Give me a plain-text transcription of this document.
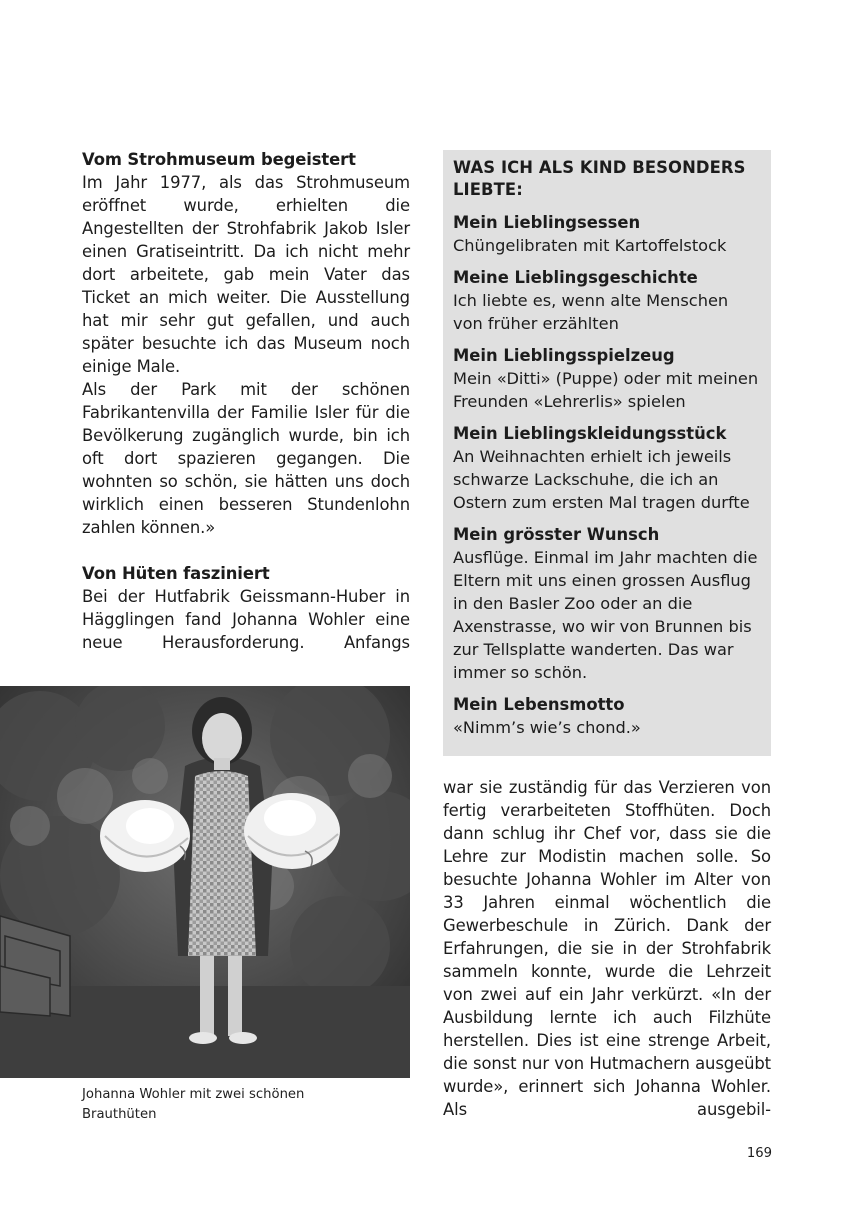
Vom Strohmuseum begeistert

Im Jahr 1977, als das Strohmuseum eröffnet wurde, erhielten die Angestellten der Strohfabrik Jakob Isler einen Gratiseintritt. Da ich nicht mehr dort arbeitete, gab mein Vater das Ticket an mich weiter. Die Ausstellung hat mir sehr gut gefallen, und auch später besuchte ich das Museum noch einige Male.

Als der Park mit der schönen Fabrikantenvilla der Familie Isler für die Bevölkerung zugänglich wurde, bin ich oft dort spazieren gegangen. Die wohnten so schön, sie hätten uns doch wirklich einen besseren Stundenlohn zahlen können.»

Von Hüten fasziniert

Bei der Hutfabrik Geissmann-Huber in Hägglingen fand Johanna Wohler eine neue Herausforderung. Anfangs

WAS ICH ALS KIND BESONDERS LIEBTE:
Mein Lieblingsessen

Chüngelibraten mit Kartoffelstock

Meine Lieblingsgeschichte

Ich liebte es, wenn alte Menschen von früher erzählten

Mein Lieblingsspielzeug

Mein «Ditti» (Puppe) oder mit meinen Freunden «Lehrerlis» spielen

Mein Lieblingskleidungsstück

An Weihnachten erhielt ich jeweils schwarze Lackschuhe, die ich an Ostern zum ersten Mal tragen durfte

Mein grösster Wunsch

Ausflüge. Einmal im Jahr machten die Eltern mit uns einen grossen Ausflug in den Basler Zoo oder an die Axenstrasse, wo wir von Brunnen bis zur Tellsplatte wanderten. Das war immer so schön.

Mein Lebensmotto

«Nimm’s wie’s chond.»

war sie zuständig für das Verzieren von fertig verarbeiteten Stoffhüten. Doch dann schlug ihr Chef vor, dass sie die Lehre zur Modistin machen solle. So besuchte Johanna Wohler im Alter von 33 Jahren einmal wöchentlich die Gewerbeschule in Zürich. Dank der Erfahrungen, die sie in der Strohfabrik sammeln konnte, wurde die Lehrzeit von zwei auf ein Jahr verkürzt. «In der Ausbildung lernte ich auch Filzhüte herstellen. Dies ist eine strenge Arbeit, die sonst nur von Hutmachern ausgeübt wurde», erinnert sich Johanna Wohler. Als ausgebil-

Johanna Wohler mit zwei schönen Brauthüten
169
